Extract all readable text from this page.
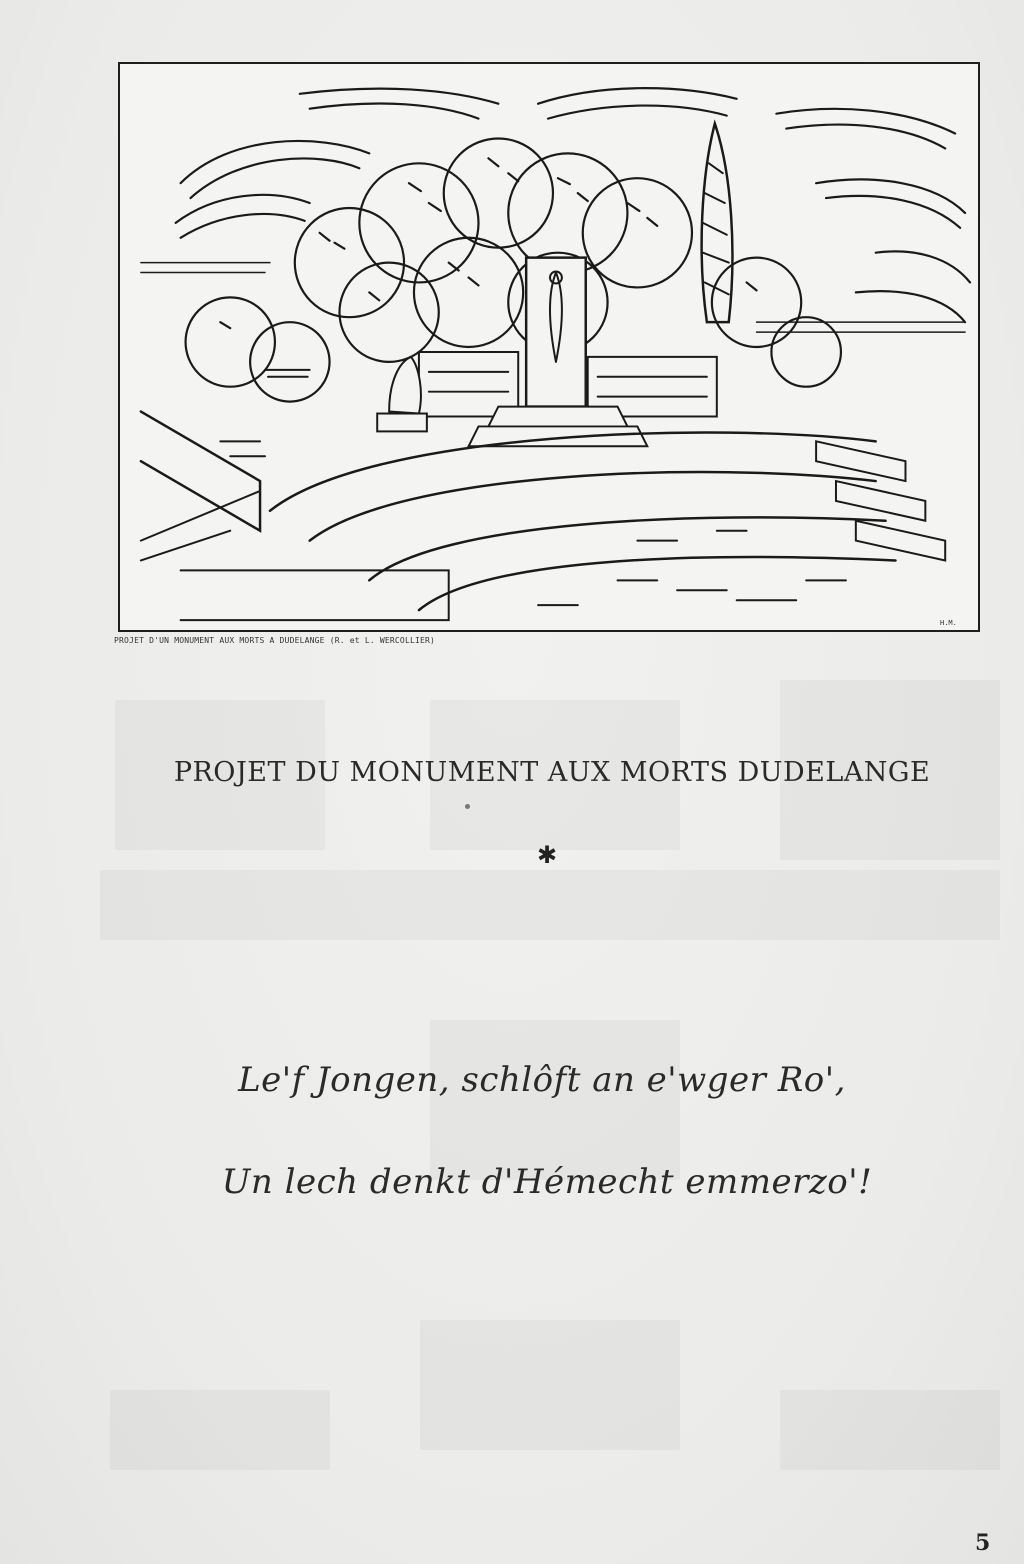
PROJET D'UN MONUMENT AUX MORTS A DUDELANGE (R. et L. WERCOLLIER)
H.M.
PROJET DU MONUMENT AUX MORTS DUDELANGE
✱
Le'f Jongen, schlôft an e'wger Ro',
Un lech denkt d'Hémecht emmerzo'!
5
